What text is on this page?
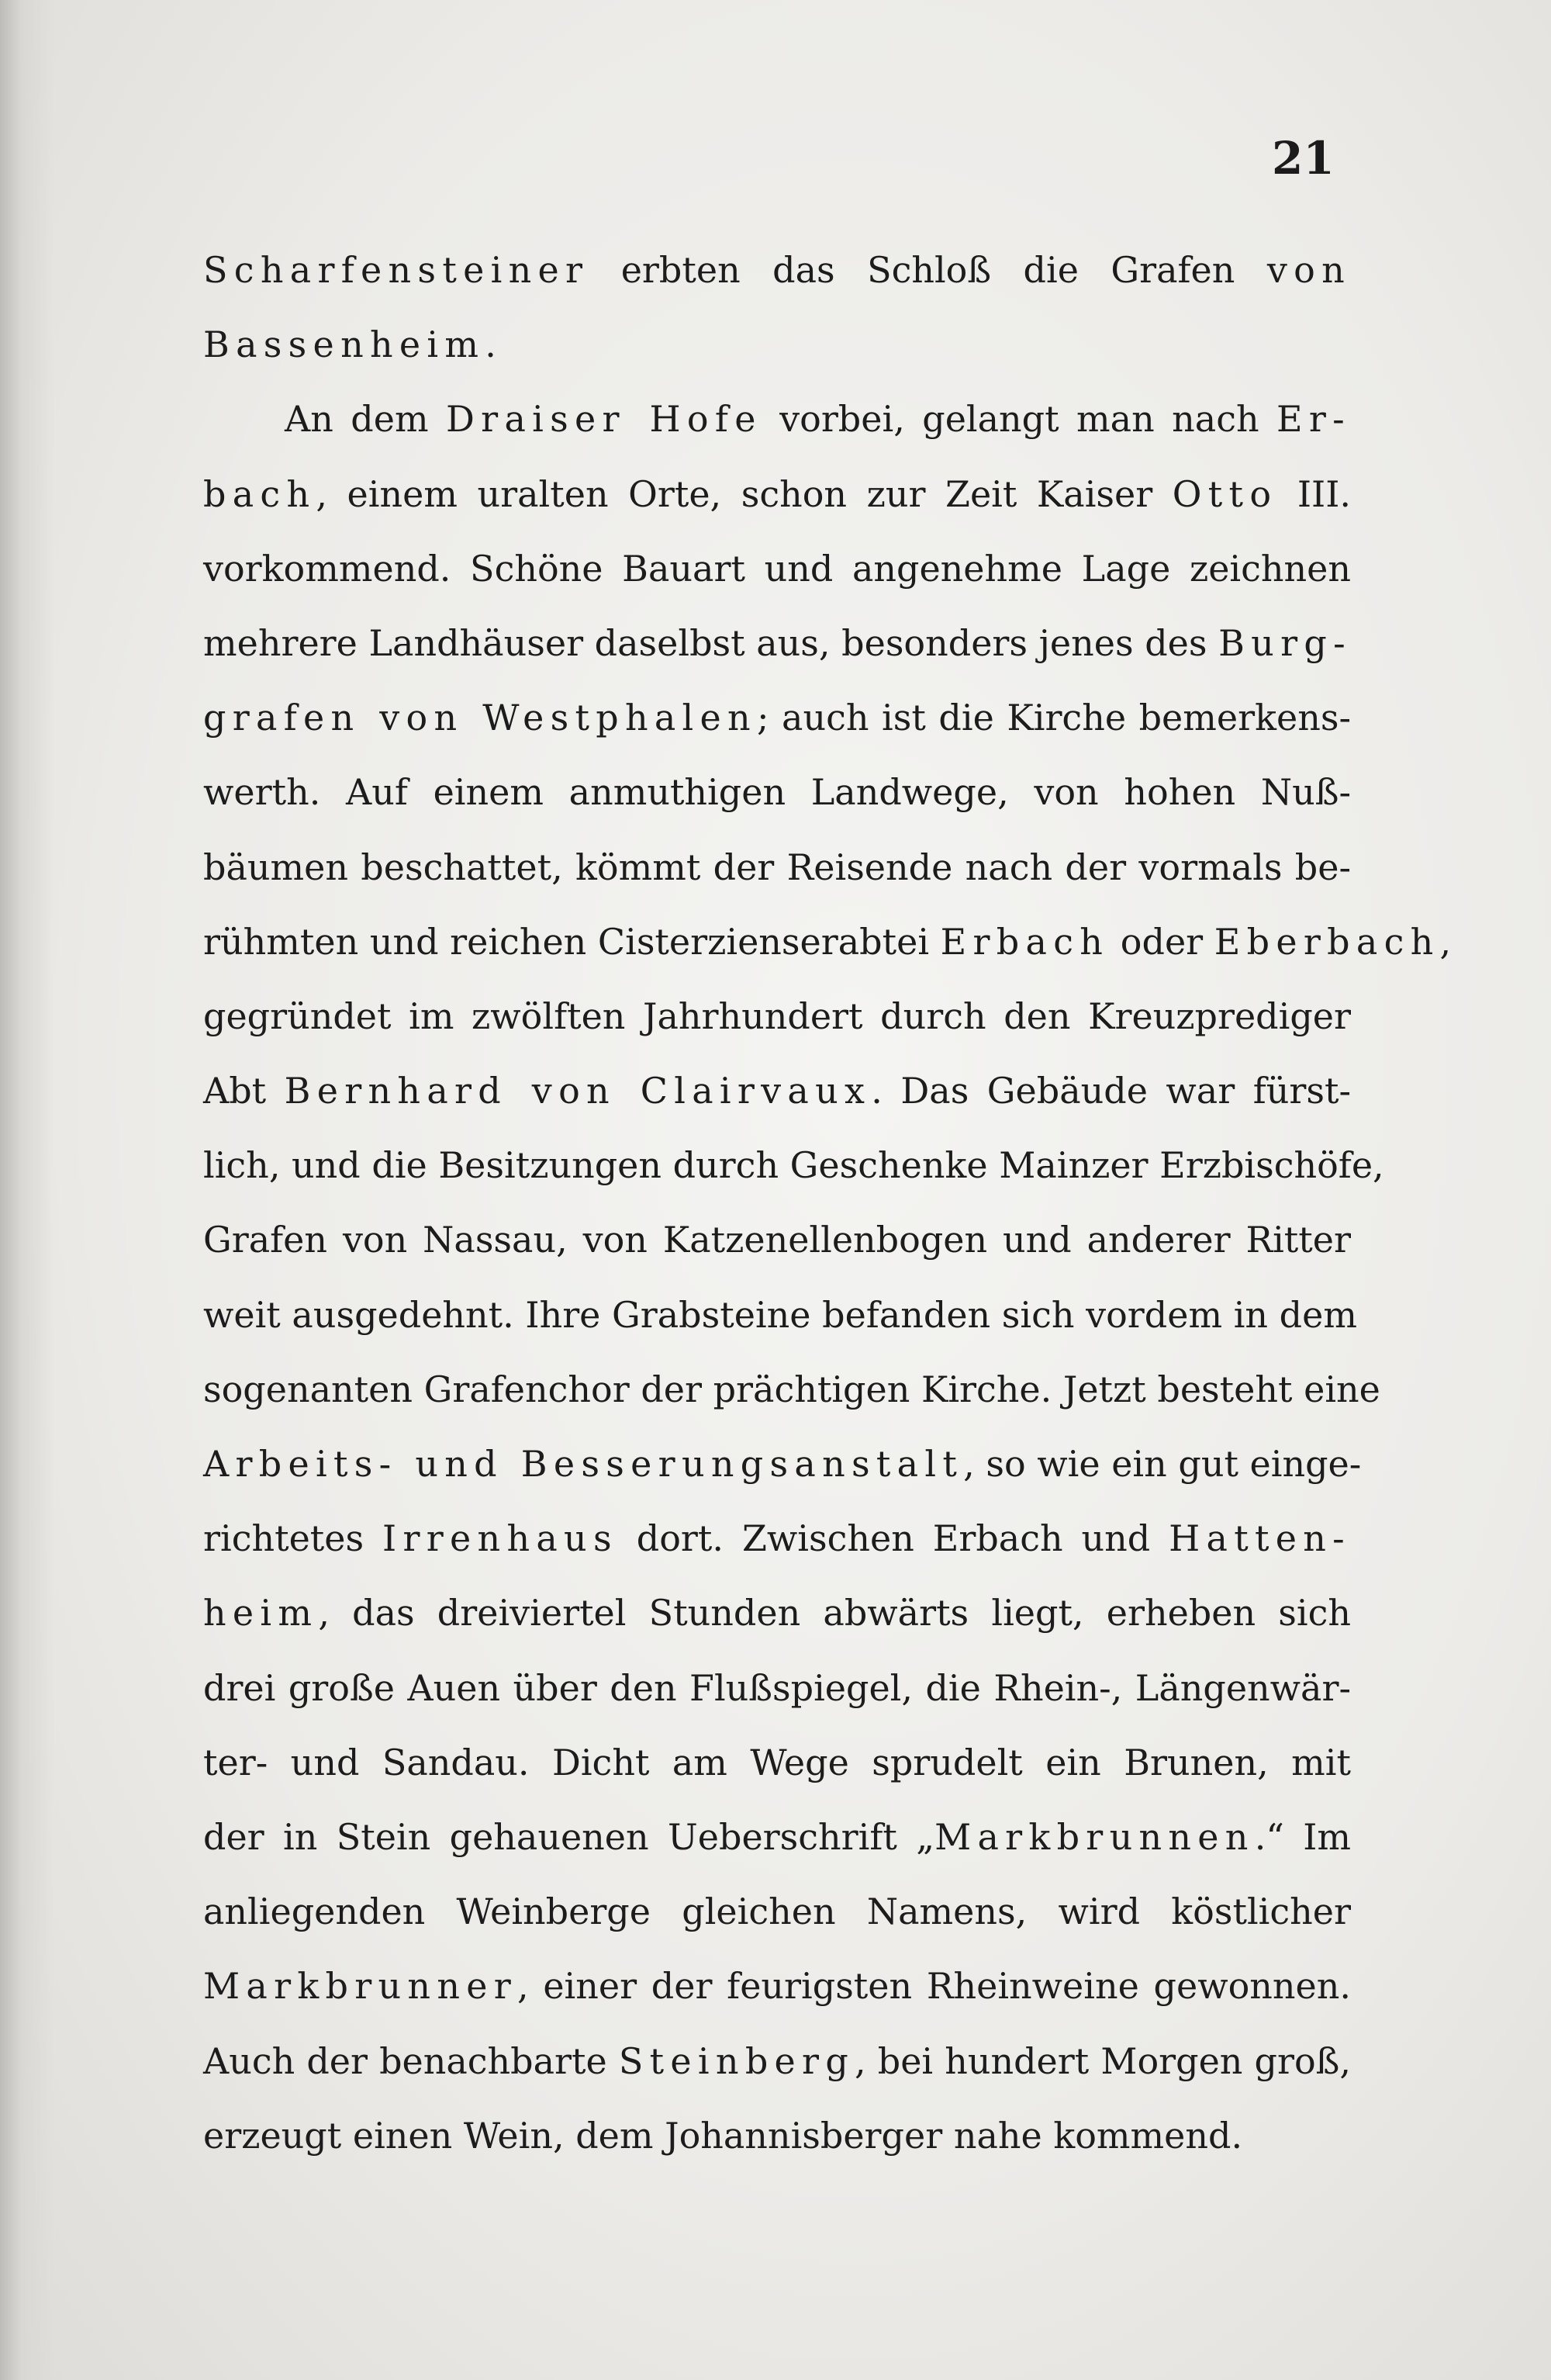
21
Scharfensteiner erbten das Schloß die Grafen von
Bassenheim.
An dem Draiser Hofe vorbei, gelangt man nach Er-
bach, einem uralten Orte, schon zur Zeit Kaiser Otto III.
vorkommend. Schöne Bauart und angenehme Lage zeichnen
mehrere Landhäuser daselbst aus, besonders jenes des Burg-
grafen von Westphalen; auch ist die Kirche bemerkens-
werth. Auf einem anmuthigen Landwege, von hohen Nuß-
bäumen beschattet, kömmt der Reisende nach der vormals be-
rühmten und reichen Cisterzienserabtei Erbach oder Eberbach,
gegründet im zwölften Jahrhundert durch den Kreuzprediger
Abt Bernhard von Clairvaux. Das Gebäude war fürst-
lich, und die Besitzungen durch Geschenke Mainzer Erzbischöfe,
Grafen von Nassau, von Katzenellenbogen und anderer Ritter
weit ausgedehnt. Ihre Grabsteine befanden sich vordem in dem
sogenanten Grafenchor der prächtigen Kirche. Jetzt besteht eine
Arbeits- und Besserungsanstalt, so wie ein gut einge-
richtetes Irrenhaus dort. Zwischen Erbach und Hatten-
heim, das dreiviertel Stunden abwärts liegt, erheben sich
drei große Auen über den Flußspiegel, die Rhein-, Längenwär-
ter- und Sandau. Dicht am Wege sprudelt ein Brunen, mit
der in Stein gehauenen Ueberschrift „Markbrunnen.“ Im
anliegenden Weinberge gleichen Namens, wird köstlicher
Markbrunner, einer der feurigsten Rheinweine gewonnen.
Auch der benachbarte Steinberg, bei hundert Morgen groß,
erzeugt einen Wein, dem Johannisberger nahe kommend.
